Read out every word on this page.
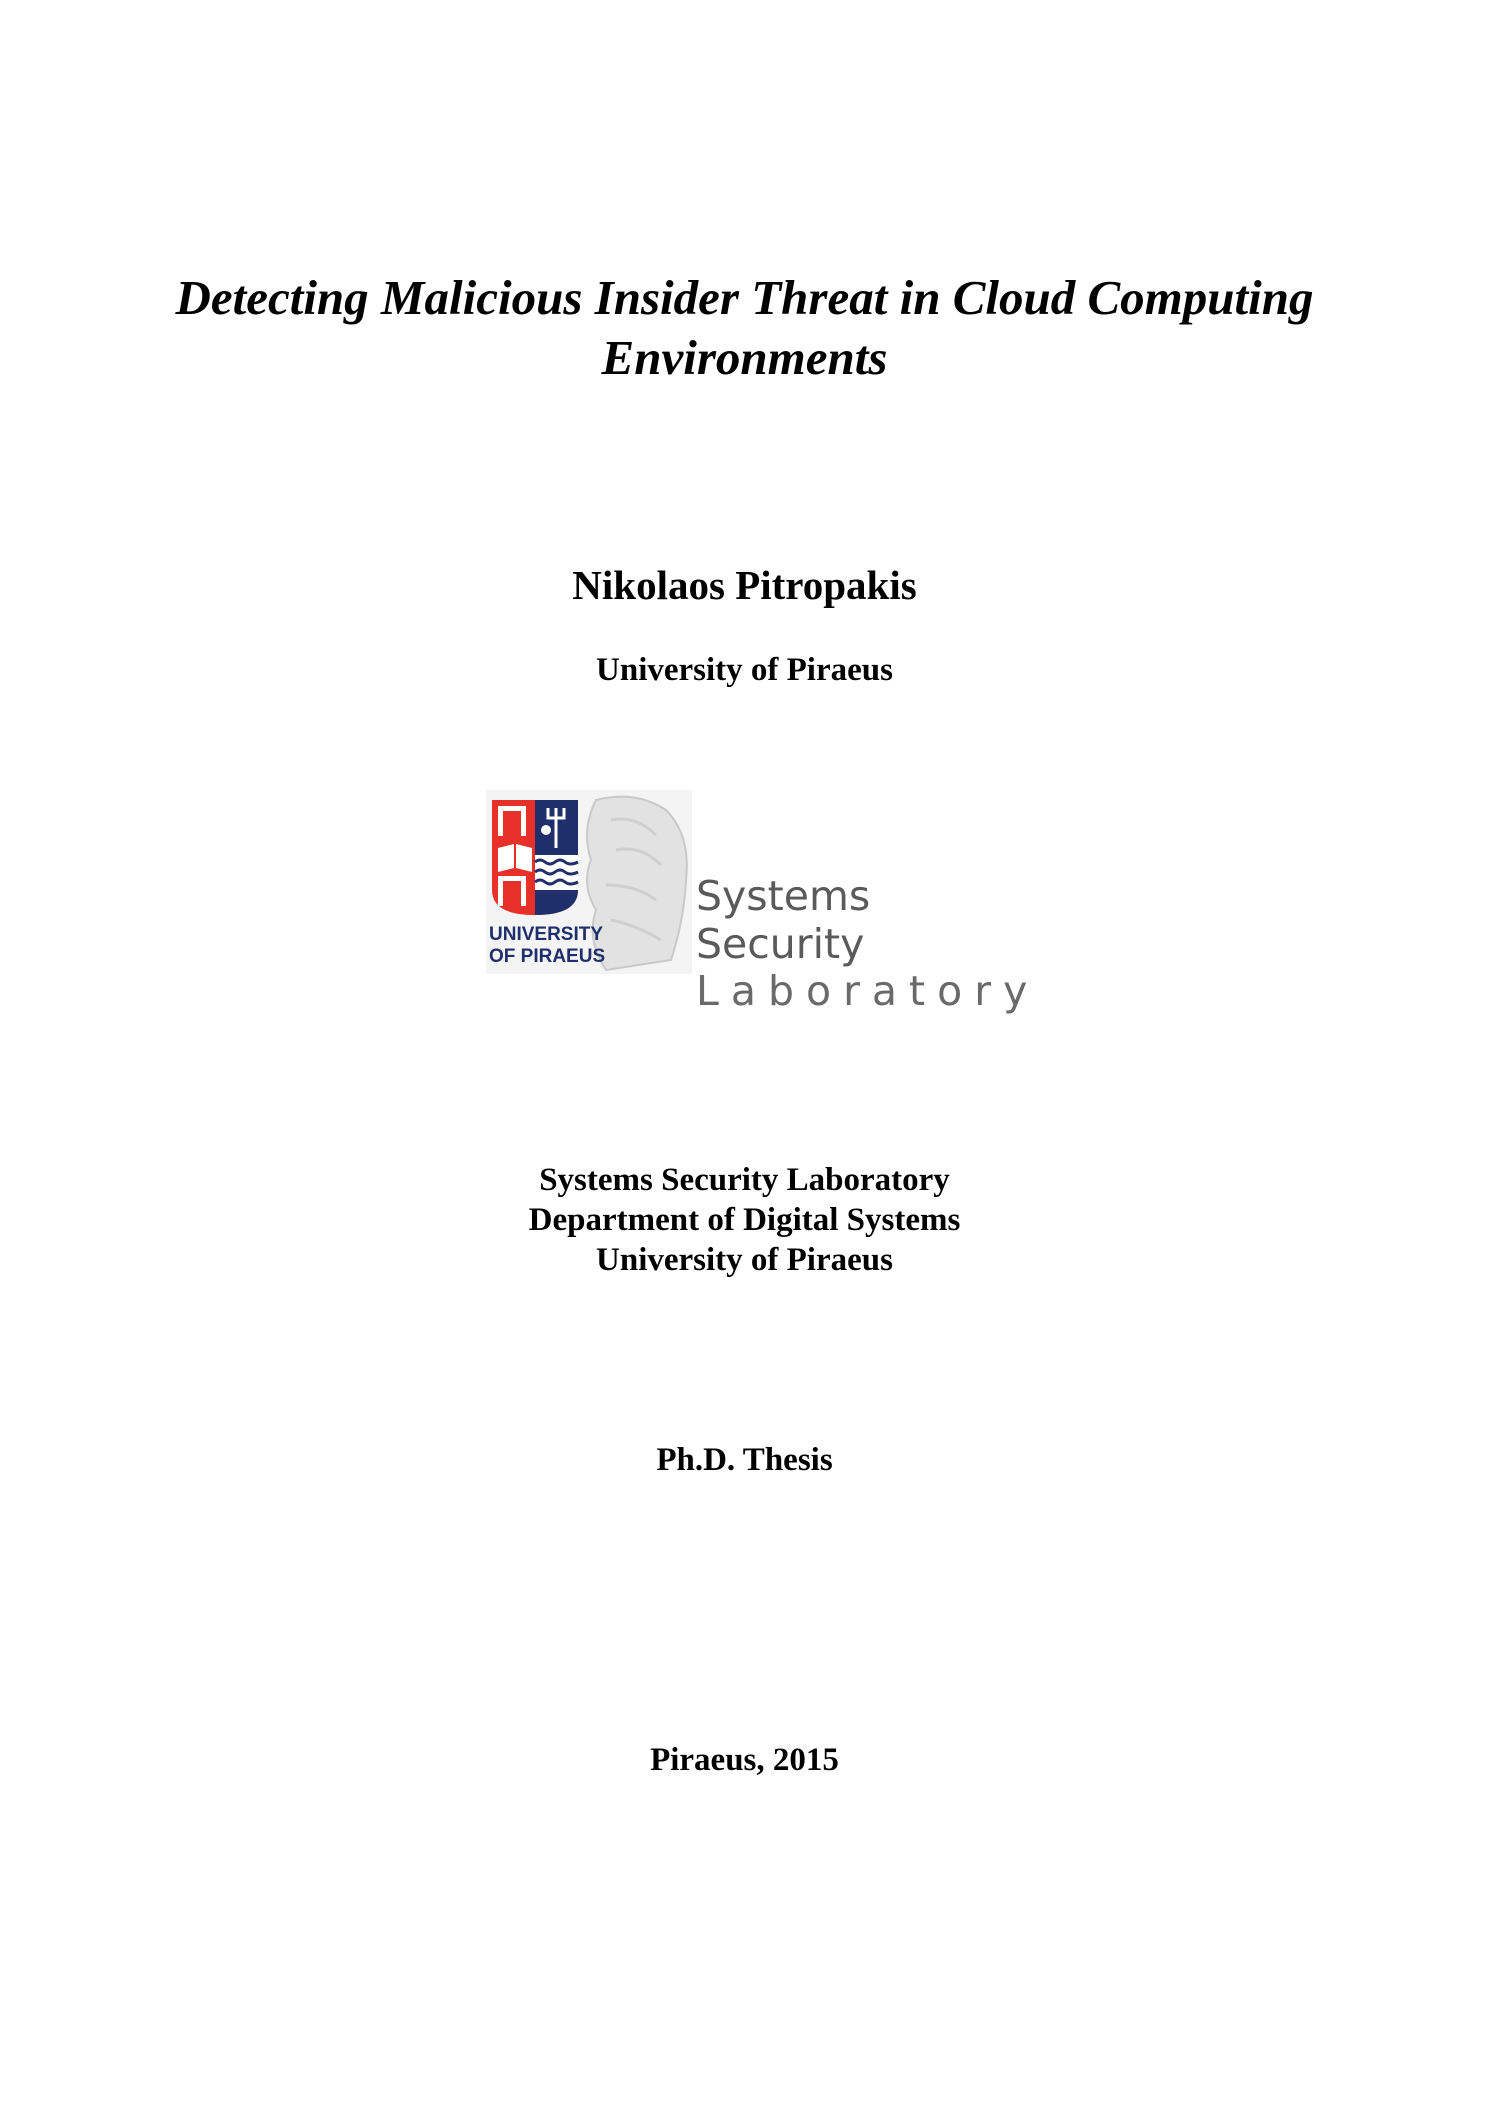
Detecting Malicious Insider Threat in Cloud Computing
Environments
Nikolaos Pitropakis
University of Piraeus
UNIVERSITY
OF PIRAEUS
Systems Security
Laboratory
Systems Security Laboratory
Department of Digital Systems
University of Piraeus
Ph.D. Thesis
Piraeus, 2015
